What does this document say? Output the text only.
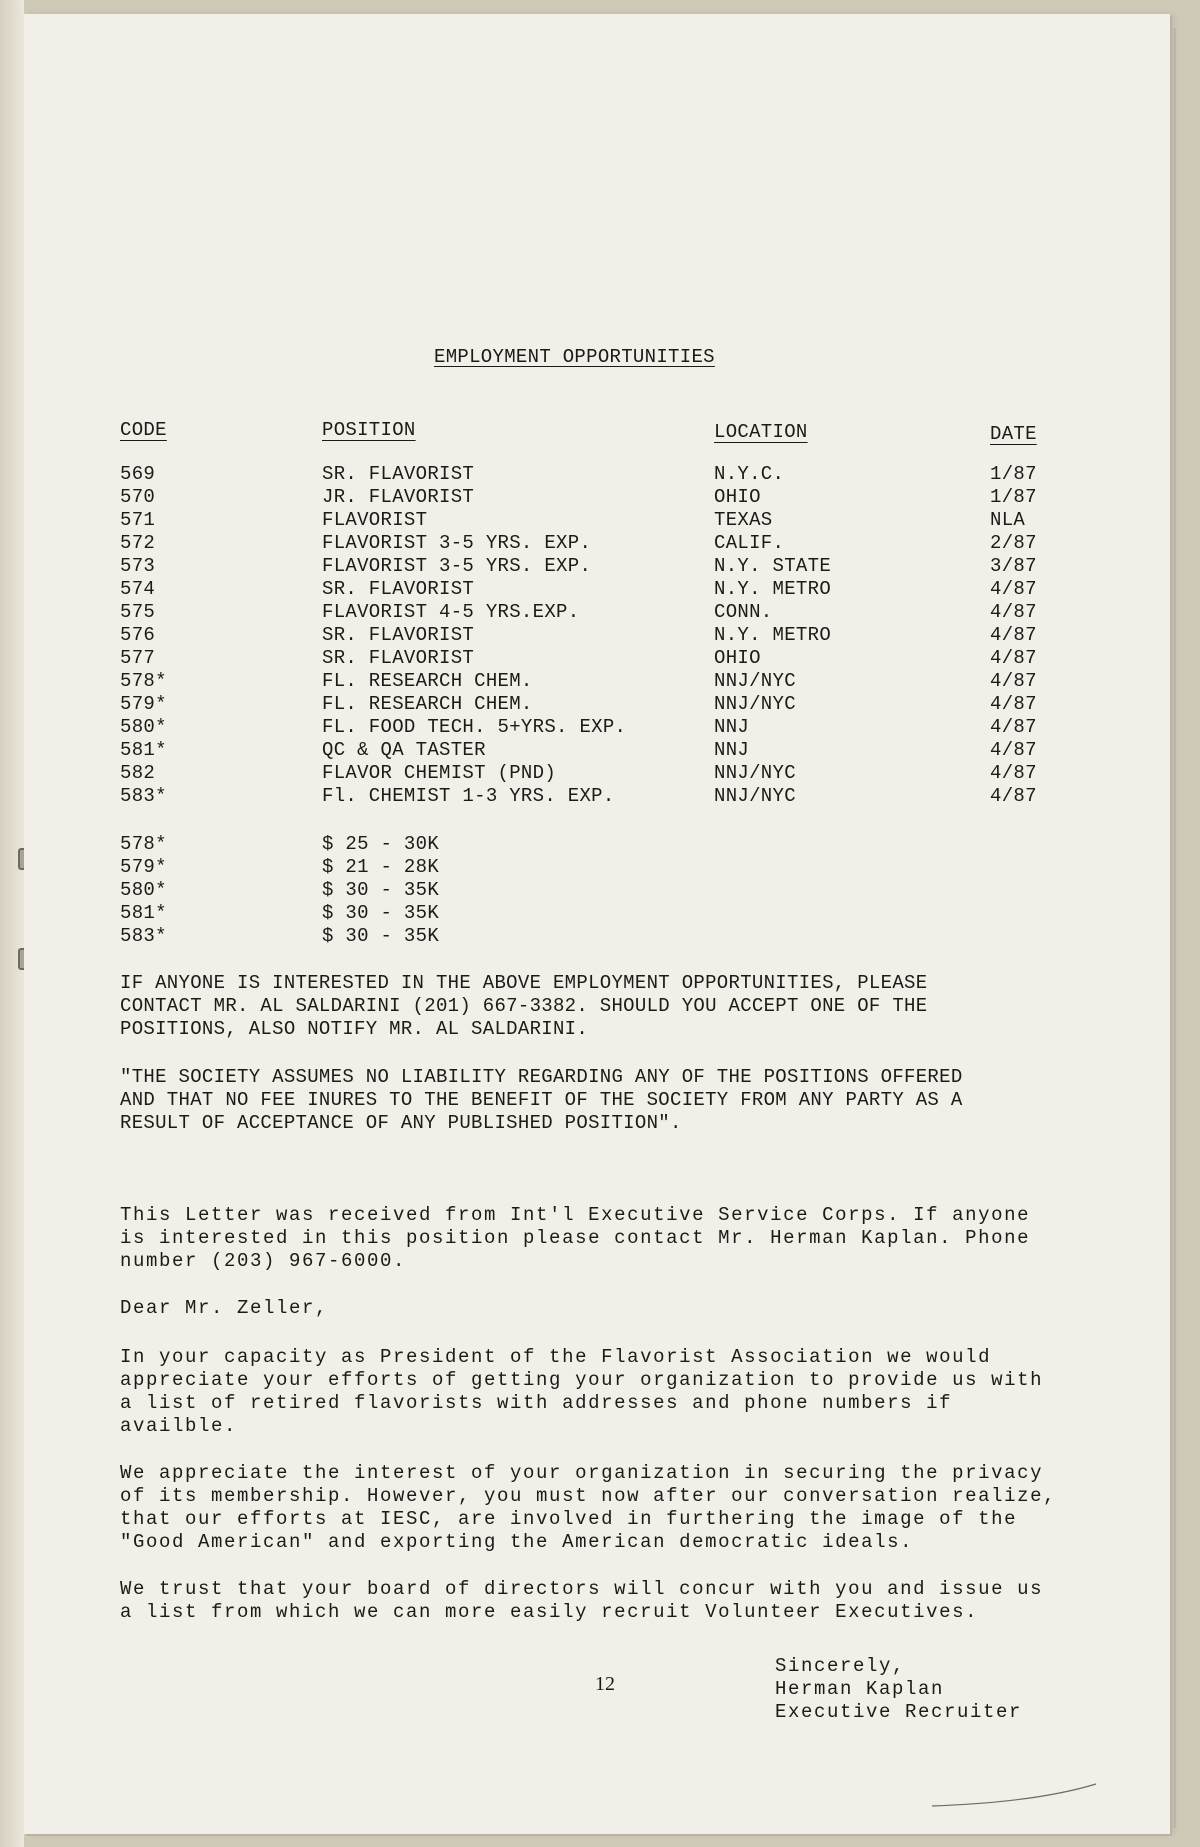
EMPLOYMENT OPPORTUNITIES
CODE	POSITION	LOCATION	DATE
569	SR. FLAVORIST	N.Y.C.	1/87
570	JR. FLAVORIST	OHIO	1/87
571	FLAVORIST	TEXAS	NLA
572	FLAVORIST 3-5 YRS. EXP.	CALIF.	2/87
573	FLAVORIST 3-5 YRS. EXP.	N.Y. STATE	3/87
574	SR. FLAVORIST	N.Y. METRO	4/87
575	FLAVORIST 4-5 YRS.EXP.	CONN.	4/87
576	SR. FLAVORIST	N.Y. METRO	4/87
577	SR. FLAVORIST	OHIO	4/87
578*	FL. RESEARCH CHEM.	NNJ/NYC	4/87
579*	FL. RESEARCH CHEM.	NNJ/NYC	4/87
580*	FL. FOOD TECH. 5+YRS. EXP.	NNJ	4/87
581*	QC & QA TASTER	NNJ	4/87
582	FLAVOR CHEMIST (PND)	NNJ/NYC	4/87
583*	Fl. CHEMIST 1-3 YRS. EXP.	NNJ/NYC	4/87
578*	$ 25 - 30K
579*	$ 21 - 28K
580*	$ 30 - 35K
581*	$ 30 - 35K
583*	$ 30 - 35K
IF ANYONE IS INTERESTED IN THE ABOVE EMPLOYMENT OPPORTUNITIES, PLEASE
CONTACT MR. AL SALDARINI (201) 667-3382. SHOULD YOU ACCEPT ONE OF THE
POSITIONS, ALSO NOTIFY MR. AL SALDARINI.
"THE SOCIETY ASSUMES NO LIABILITY REGARDING ANY OF THE POSITIONS OFFERED
AND THAT NO FEE INURES TO THE BENEFIT OF THE SOCIETY FROM ANY PARTY AS A
RESULT OF ACCEPTANCE OF ANY PUBLISHED POSITION".
This Letter was received from Int'l Executive Service Corps. If anyone
is interested in this position please contact Mr. Herman Kaplan. Phone
number (203) 967-6000.
Dear Mr. Zeller,
In your capacity as President of the Flavorist Association we would
appreciate your efforts of getting your organization to provide us with
a list of retired flavorists with addresses and phone numbers if
availble.
We appreciate the interest of your organization in securing the privacy
of its membership. However, you must now after our conversation realize,
that our efforts at IESC, are involved in furthering the image of the
"Good American" and exporting the American democratic ideals.
We trust that your board of directors will concur with you and issue us
a list from which we can more easily recruit Volunteer Executives.
12
Sincerely,
Herman Kaplan
Executive Recruiter
